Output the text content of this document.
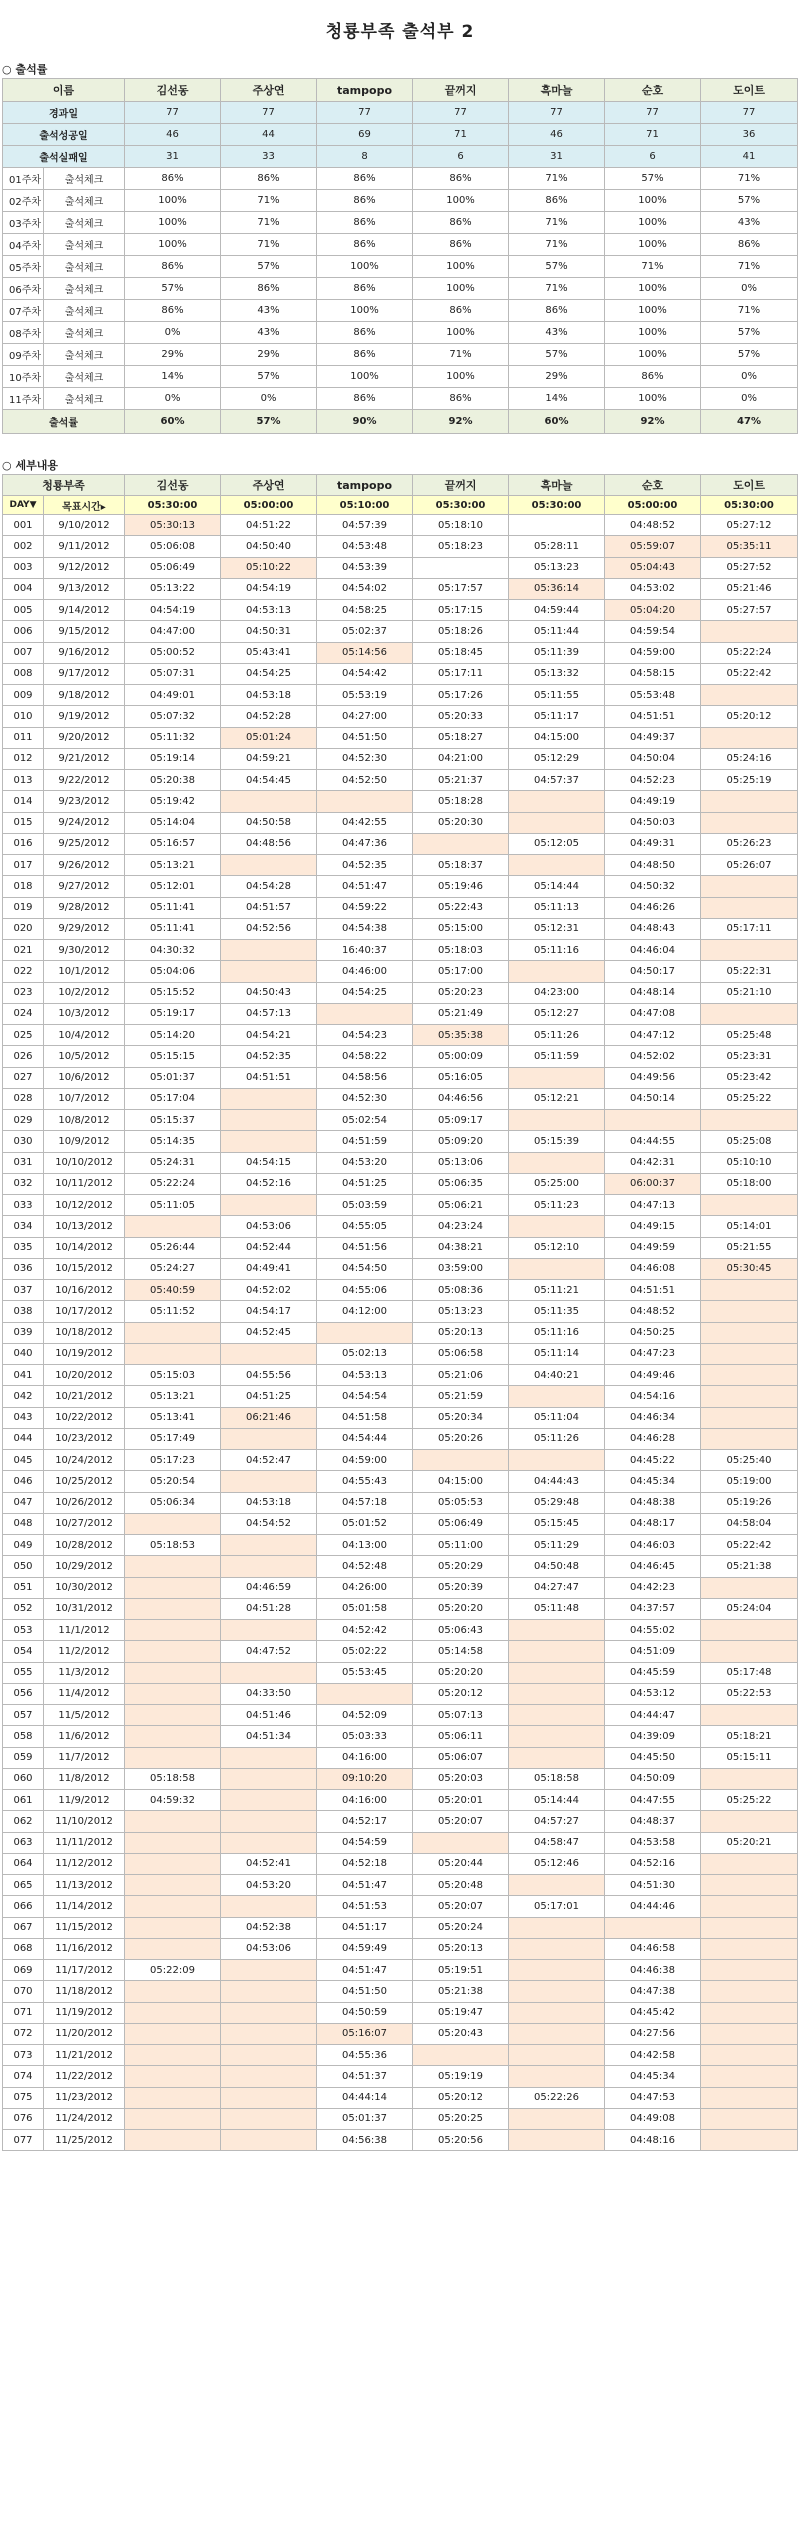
청룡부족 출석부 2
○ 출석률
이름		김선동	주상연	tampopo	끝꺼지	흑마늘	순호	도이트
경과일		77	77	77	77	77	77	77
출석성공일		46	44	69	71	46	71	36
출석실패일		31	33	8	6	31	6	41
01주차	출석체크	86%	86%	86%	86%	71%	57%	71%
02주차	출석체크	100%	71%	86%	100%	86%	100%	57%
03주차	출석체크	100%	71%	86%	86%	71%	100%	43%
04주차	출석체크	100%	71%	86%	86%	71%	100%	86%
05주차	출석체크	86%	57%	100%	100%	57%	71%	71%
06주차	출석체크	57%	86%	86%	100%	71%	100%	0%
07주차	출석체크	86%	43%	100%	86%	86%	100%	71%
08주차	출석체크	0%	43%	86%	100%	43%	100%	57%
09주차	출석체크	29%	29%	86%	71%	57%	100%	57%
10주차	출석체크	14%	57%	100%	100%	29%	86%	0%
11주차	출석체크	0%	0%	86%	86%	14%	100%	0%
출석률		60%	57%	90%	92%	60%	92%	47%
○ 세부내용
청룡부족		김선동	주상연	tampopo	끝꺼지	흑마늘	순호	도이트
DAY▼	목표시간▸	05:30:00	05:00:00	05:10:00	05:30:00	05:30:00	05:00:00	05:30:00
001	9/10/2012	05:30:13	04:51:22	04:57:39	05:18:10		04:48:52	05:27:12
002	9/11/2012	05:06:08	04:50:40	04:53:48	05:18:23	05:28:11	05:59:07	05:35:11
003	9/12/2012	05:06:49	05:10:22	04:53:39		05:13:23	05:04:43	05:27:52
004	9/13/2012	05:13:22	04:54:19	04:54:02	05:17:57	05:36:14	04:53:02	05:21:46
005	9/14/2012	04:54:19	04:53:13	04:58:25	05:17:15	04:59:44	05:04:20	05:27:57
006	9/15/2012	04:47:00	04:50:31	05:02:37	05:18:26	05:11:44	04:59:54	
007	9/16/2012	05:00:52	05:43:41	05:14:56	05:18:45	05:11:39	04:59:00	05:22:24
008	9/17/2012	05:07:31	04:54:25	04:54:42	05:17:11	05:13:32	04:58:15	05:22:42
009	9/18/2012	04:49:01	04:53:18	05:53:19	05:17:26	05:11:55	05:53:48	
010	9/19/2012	05:07:32	04:52:28	04:27:00	05:20:33	05:11:17	04:51:51	05:20:12
011	9/20/2012	05:11:32	05:01:24	04:51:50	05:18:27	04:15:00	04:49:37	
012	9/21/2012	05:19:14	04:59:21	04:52:30	04:21:00	05:12:29	04:50:04	05:24:16
013	9/22/2012	05:20:38	04:54:45	04:52:50	05:21:37	04:57:37	04:52:23	05:25:19
014	9/23/2012	05:19:42			05:18:28		04:49:19	
015	9/24/2012	05:14:04	04:50:58	04:42:55	05:20:30		04:50:03	
016	9/25/2012	05:16:57	04:48:56	04:47:36		05:12:05	04:49:31	05:26:23
017	9/26/2012	05:13:21		04:52:35	05:18:37		04:48:50	05:26:07
018	9/27/2012	05:12:01	04:54:28	04:51:47	05:19:46	05:14:44	04:50:32	
019	9/28/2012	05:11:41	04:51:57	04:59:22	05:22:43	05:11:13	04:46:26	
020	9/29/2012	05:11:41	04:52:56	04:54:38	05:15:00	05:12:31	04:48:43	05:17:11
021	9/30/2012	04:30:32		16:40:37	05:18:03	05:11:16	04:46:04	
022	10/1/2012	05:04:06		04:46:00	05:17:00		04:50:17	05:22:31
023	10/2/2012	05:15:52	04:50:43	04:54:25	05:20:23	04:23:00	04:48:14	05:21:10
024	10/3/2012	05:19:17	04:57:13		05:21:49	05:12:27	04:47:08	
025	10/4/2012	05:14:20	04:54:21	04:54:23	05:35:38	05:11:26	04:47:12	05:25:48
026	10/5/2012	05:15:15	04:52:35	04:58:22	05:00:09	05:11:59	04:52:02	05:23:31
027	10/6/2012	05:01:37	04:51:51	04:58:56	05:16:05		04:49:56	05:23:42
028	10/7/2012	05:17:04		04:52:30	04:46:56	05:12:21	04:50:14	05:25:22
029	10/8/2012	05:15:37		05:02:54	05:09:17			
030	10/9/2012	05:14:35		04:51:59	05:09:20	05:15:39	04:44:55	05:25:08
031	10/10/2012	05:24:31	04:54:15	04:53:20	05:13:06		04:42:31	05:10:10
032	10/11/2012	05:22:24	04:52:16	04:51:25	05:06:35	05:25:00	06:00:37	05:18:00
033	10/12/2012	05:11:05		05:03:59	05:06:21	05:11:23	04:47:13	
034	10/13/2012		04:53:06	04:55:05	04:23:24		04:49:15	05:14:01
035	10/14/2012	05:26:44	04:52:44	04:51:56	04:38:21	05:12:10	04:49:59	05:21:55
036	10/15/2012	05:24:27	04:49:41	04:54:50	03:59:00		04:46:08	05:30:45
037	10/16/2012	05:40:59	04:52:02	04:55:06	05:08:36	05:11:21	04:51:51	
038	10/17/2012	05:11:52	04:54:17	04:12:00	05:13:23	05:11:35	04:48:52	
039	10/18/2012		04:52:45		05:20:13	05:11:16	04:50:25	
040	10/19/2012			05:02:13	05:06:58	05:11:14	04:47:23	
041	10/20/2012	05:15:03	04:55:56	04:53:13	05:21:06	04:40:21	04:49:46	
042	10/21/2012	05:13:21	04:51:25	04:54:54	05:21:59		04:54:16	
043	10/22/2012	05:13:41	06:21:46	04:51:58	05:20:34	05:11:04	04:46:34	
044	10/23/2012	05:17:49		04:54:44	05:20:26	05:11:26	04:46:28	
045	10/24/2012	05:17:23	04:52:47	04:59:00			04:45:22	05:25:40
046	10/25/2012	05:20:54		04:55:43	04:15:00	04:44:43	04:45:34	05:19:00
047	10/26/2012	05:06:34	04:53:18	04:57:18	05:05:53	05:29:48	04:48:38	05:19:26
048	10/27/2012		04:54:52	05:01:52	05:06:49	05:15:45	04:48:17	04:58:04
049	10/28/2012	05:18:53		04:13:00	05:11:00	05:11:29	04:46:03	05:22:42
050	10/29/2012			04:52:48	05:20:29	04:50:48	04:46:45	05:21:38
051	10/30/2012		04:46:59	04:26:00	05:20:39	04:27:47	04:42:23	
052	10/31/2012		04:51:28	05:01:58	05:20:20	05:11:48	04:37:57	05:24:04
053	11/1/2012			04:52:42	05:06:43		04:55:02	
054	11/2/2012		04:47:52	05:02:22	05:14:58		04:51:09	
055	11/3/2012			05:53:45	05:20:20		04:45:59	05:17:48
056	11/4/2012		04:33:50		05:20:12		04:53:12	05:22:53
057	11/5/2012		04:51:46	04:52:09	05:07:13		04:44:47	
058	11/6/2012		04:51:34	05:03:33	05:06:11		04:39:09	05:18:21
059	11/7/2012			04:16:00	05:06:07		04:45:50	05:15:11
060	11/8/2012	05:18:58		09:10:20	05:20:03	05:18:58	04:50:09	
061	11/9/2012	04:59:32		04:16:00	05:20:01	05:14:44	04:47:55	05:25:22
062	11/10/2012			04:52:17	05:20:07	04:57:27	04:48:37	
063	11/11/2012			04:54:59		04:58:47	04:53:58	05:20:21
064	11/12/2012		04:52:41	04:52:18	05:20:44	05:12:46	04:52:16	
065	11/13/2012		04:53:20	04:51:47	05:20:48		04:51:30	
066	11/14/2012			04:51:53	05:20:07	05:17:01	04:44:46	
067	11/15/2012		04:52:38	04:51:17	05:20:24			
068	11/16/2012		04:53:06	04:59:49	05:20:13		04:46:58	
069	11/17/2012	05:22:09		04:51:47	05:19:51		04:46:38	
070	11/18/2012			04:51:50	05:21:38		04:47:38	
071	11/19/2012			04:50:59	05:19:47		04:45:42	
072	11/20/2012			05:16:07	05:20:43		04:27:56	
073	11/21/2012			04:55:36			04:42:58	
074	11/22/2012			04:51:37	05:19:19		04:45:34	
075	11/23/2012			04:44:14	05:20:12	05:22:26	04:47:53	
076	11/24/2012			05:01:37	05:20:25		04:49:08	
077	11/25/2012			04:56:38	05:20:56		04:48:16	
